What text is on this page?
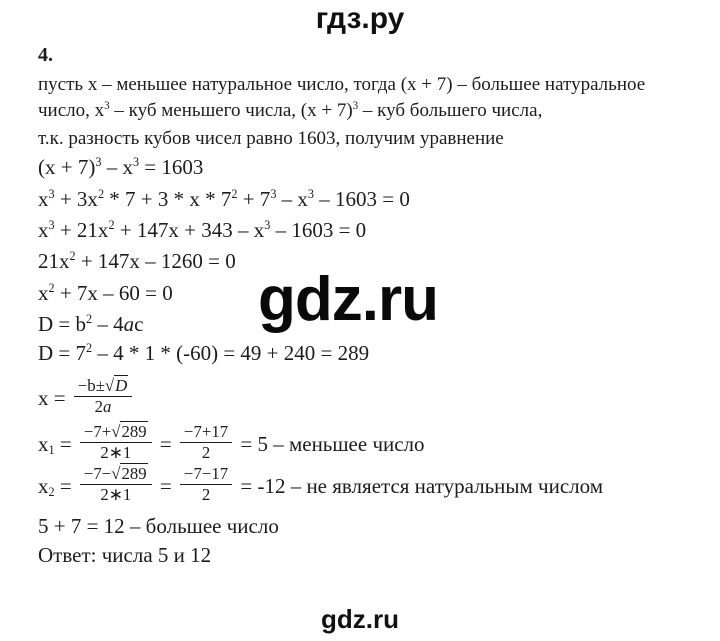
гдз.ру
4.
gdz.ru
пусть x – меньшее натуральное число, тогда (x + 7) – большее натуральное число, $x^3$ – куб меньшего числа, $(x + 7)^3$ – куб большего числа,
т.к. разность кубов чисел равно 1603, получим уравнение
$(x + 7)^3 - x^3 = 1603$
$x^3 + 3x^2 * 7 + 3 * x * 7^2 + 7^3 - x^3 - 1603 = 0$
$x^3 + 21x^2 + 147x + 343 - x^3 - 1603 = 0$
$21x^2 + 147x - 1260 = 0$
$x^2 + 7x - 60 = 0$
$D = b^2 - 4ac$
$D = 7^2 - 4 * 1 * (-60) = 49 + 240 = 289$
$x = \frac{-b\pm√D}{2a}$
$x1 = \frac{-7+√289}{2∗1} = \frac{-7+17}{2} = 5$ – меньшее число
$x2 = \frac{-7-√289}{2∗1} = \frac{-7-17}{2} = -12$ – не является натуральным числом
5 + 7 = 12 – большее число
Ответ: числа 5 и 12
gdz.ru
